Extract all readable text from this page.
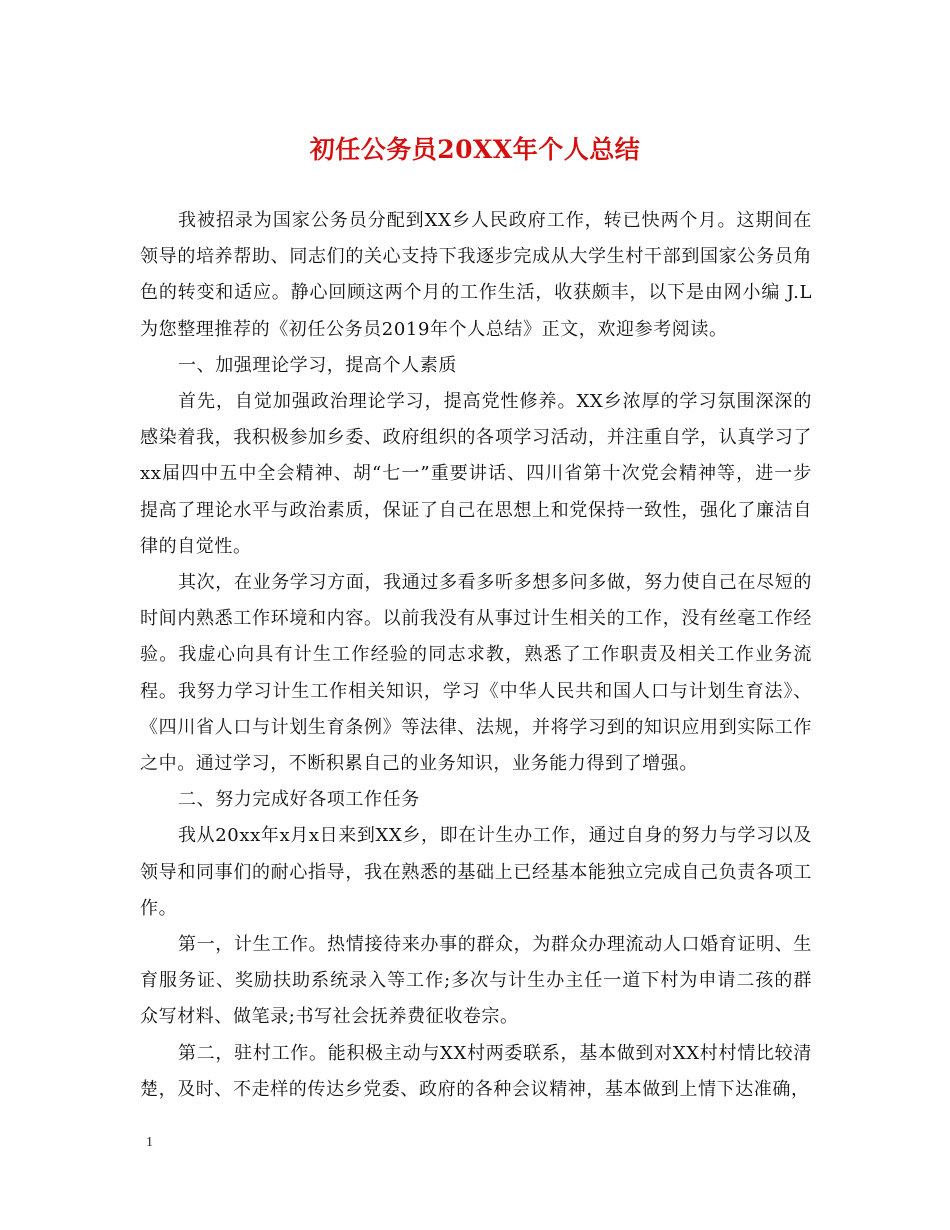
初任公务员20XX年个人总结

我被招录为国家公务员分配到XX乡人民政府工作，转已快两个月。这期间在领导的培养帮助、同志们的关心支持下我逐步完成从大学生村干部到国家公务员角色的转变和适应。静心回顾这两个月的工作生活，收获颇丰，以下是由网小编 J.L为您整理推荐的《初任公务员2019年个人总结》正文，欢迎参考阅读。

一、加强理论学习，提高个人素质

首先，自觉加强政治理论学习，提高党性修养。XX乡浓厚的学习氛围深深的感染着我，我积极参加乡委、政府组织的各项学习活动，并注重自学，认真学习了xx届四中五中全会精神、胡“七一”重要讲话、四川省第十次党会精神等，进一步提高了理论水平与政治素质，保证了自己在思想上和党保持一致性，强化了廉洁自律的自觉性。

其次，在业务学习方面，我通过多看多听多想多问多做，努力使自己在尽短的时间内熟悉工作环境和内容。以前我没有从事过计生相关的工作，没有丝毫工作经验。我虚心向具有计生工作经验的同志求教，熟悉了工作职责及相关工作业务流程。我努力学习计生工作相关知识，学习《中华人民共和国人口与计划生育法》、《四川省人口与计划生育条例》等法律、法规，并将学习到的知识应用到实际工作之中。通过学习，不断积累自己的业务知识，业务能力得到了增强。

二、努力完成好各项工作任务

我从20xx年x月x日来到XX乡，即在计生办工作，通过自身的努力与学习以及领导和同事们的耐心指导，我在熟悉的基础上已经基本能独立完成自己负责各项工作。

第一，计生工作。热情接待来办事的群众，为群众办理流动人口婚育证明、生育服务证、奖励扶助系统录入等工作;多次与计生办主任一道下村为申请二孩的群众写材料、做笔录;书写社会抚养费征收卷宗。

第二，驻村工作。能积极主动与XX村两委联系，基本做到对XX村村情比较清楚，及时、不走样的传达乡党委、政府的各种会议精神，基本做到上情下达准确，

1
